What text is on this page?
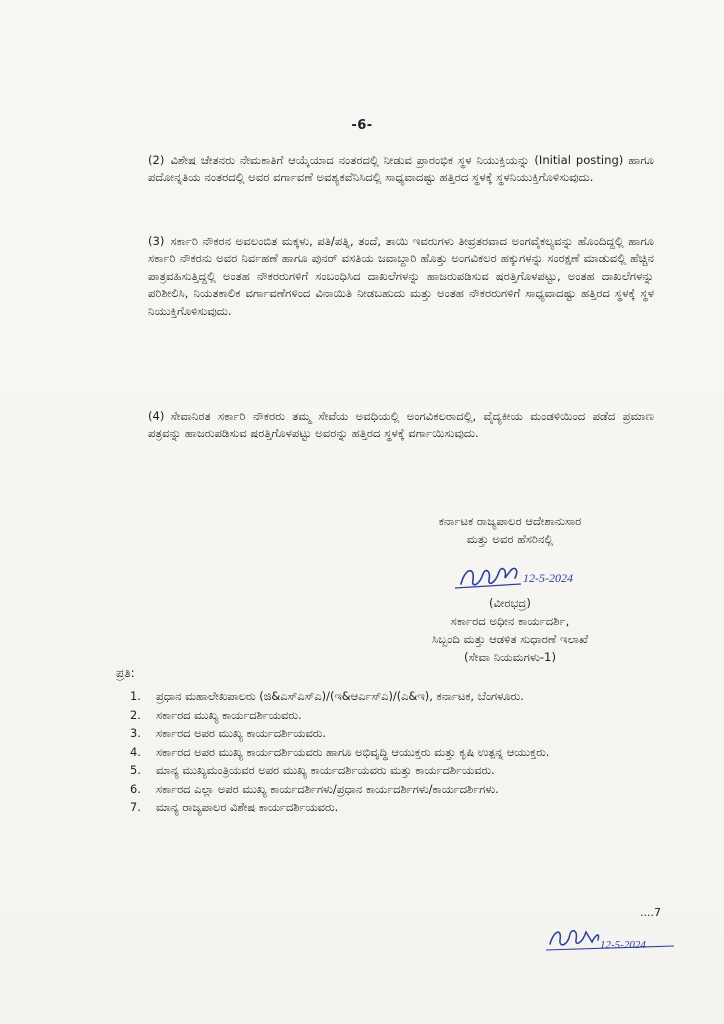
-6-
(2) ವಿಶೇಷ ಚೇತನರು ನೇಮಕಾತಿಗೆ ಆಯ್ಕೆಯಾದ ನಂತರದಲ್ಲಿ ನೀಡುವ ಪ್ರಾರಂಭಿಕ ಸ್ಥಳ ನಿಯುಕ್ತಿಯನ್ನು (Initial posting) ಹಾಗೂ ಪದೋನ್ನತಿಯ ನಂತರದಲ್ಲಿ ಅವರ ವರ್ಗಾವಣೆ ಅವಶ್ಯಕವೆನಿಸಿದಲ್ಲಿ ಸಾಧ್ಯವಾದಷ್ಟು ಹತ್ತಿರದ ಸ್ಥಳಕ್ಕೆ ಸ್ಥಳನಿಯುಕ್ತಿಗೊಳಿಸುವುದು.
(3) ಸರ್ಕಾರಿ ನೌಕರನ ಅವಲಂಬಿತ ಮಕ್ಕಳು, ಪತಿ/ಪತ್ನಿ, ತಂದೆ, ತಾಯಿ ಇವರುಗಳು ತೀವ್ರತರವಾದ ಅಂಗವೈಕಲ್ಯವನ್ನು ಹೊಂದಿದ್ದಲ್ಲಿ ಹಾಗೂ ಸರ್ಕಾರಿ ನೌಕರನು ಅವರ ನಿರ್ವಹಣೆ ಹಾಗೂ ಪುನರ್ ವಸತಿಯ ಜವಾಬ್ದಾರಿ ಹೊತ್ತು ಅಂಗವಿಕಲರ ಹಕ್ಕುಗಳನ್ನು ಸಂರಕ್ಷಣೆ ಮಾಡುವಲ್ಲಿ ಹೆಚ್ಚಿನ ಪಾತ್ರವಹಿಸುತ್ತಿದ್ದಲ್ಲಿ ಅಂತಹ ನೌಕರರುಗಳಿಗೆ ಸಂಬಂಧಿಸಿದ ದಾಖಲೆಗಳನ್ನು ಹಾಜರುಪಡಿಸುವ ಷರತ್ತಿಗೊಳಪಟ್ಟು, ಅಂತಹ ದಾಖಲೆಗಳನ್ನು ಪರಿಶೀಲಿಸಿ, ನಿಯತಕಾಲಿಕ ವರ್ಗಾವಣೆಗಳಿಂದ ವಿನಾಯಿತಿ ನೀಡಬಹುದು ಮತ್ತು ಅಂತಹ ನೌಕರರುಗಳಿಗೆ ಸಾಧ್ಯವಾದಷ್ಟು ಹತ್ತಿರದ ಸ್ಥಳಕ್ಕೆ ಸ್ಥಳ ನಿಯುಕ್ತಿಗೊಳಿಸುವುದು.
(4) ಸೇವಾನಿರತ ಸರ್ಕಾರಿ ನೌಕರರು ತಮ್ಮ ಸೇವೆಯ ಅವಧಿಯಲ್ಲಿ ಅಂಗವಿಕಲರಾದಲ್ಲಿ, ವೈದ್ಯಕೀಯ ಮಂಡಳಿಯಿಂದ ಪಡೆದ ಪ್ರಮಾಣ ಪತ್ರವನ್ನು ಹಾಜರುಪಡಿಸುವ ಷರತ್ತಿಗೊಳಪಟ್ಟು ಅವರನ್ನು ಹತ್ತಿರದ ಸ್ಥಳಕ್ಕೆ ವರ್ಗಾಯಿಸುವುದು.
ಕರ್ನಾಟಕ ರಾಜ್ಯಪಾಲರ ಆದೇಶಾನುಸಾರ
ಮತ್ತು ಅವರ ಹೆಸರಿನಲ್ಲಿ
12-5-2024
(ವೀರಭದ್ರ)
ಸರ್ಕಾರದ ಅಧೀನ ಕಾರ್ಯದರ್ಶಿ,
ಸಿಬ್ಬಂದಿ ಮತ್ತು ಆಡಳಿತ ಸುಧಾರಣೆ ಇಲಾಖೆ
(ಸೇವಾ ನಿಯಮಗಳು-1)
ಪ್ರತಿ:
1.	ಪ್ರಧಾನ ಮಹಾಲೇಖಪಾಲರು (ಜಿ&ಎಸ್ಎಸ್ಎ)/(ಇ&ಆರ್ಎಸ್ಎ)/(ಎ&ಇ), ಕರ್ನಾಟಕ, ಬೆಂಗಳೂರು.
2.	ಸರ್ಕಾರದ ಮುಖ್ಯ ಕಾರ್ಯದರ್ಶಿಯವರು.
3.	ಸರ್ಕಾರದ ಅಪರ ಮುಖ್ಯ ಕಾರ್ಯದರ್ಶಿಯವರು.
4.	ಸರ್ಕಾರದ ಅಪರ ಮುಖ್ಯ ಕಾರ್ಯದರ್ಶಿಯವರು ಹಾಗೂ ಅಭಿವೃದ್ಧಿ ಆಯುಕ್ತರು ಮತ್ತು ಕೃಷಿ ಉತ್ಪನ್ನ ಆಯುಕ್ತರು.
5.	ಮಾನ್ಯ ಮುಖ್ಯಮಂತ್ರಿಯವರ ಅಪರ ಮುಖ್ಯ ಕಾರ್ಯದರ್ಶಿಯವರು ಮತ್ತು ಕಾರ್ಯದರ್ಶಿಯವರು.
6.	ಸರ್ಕಾರದ ಎಲ್ಲಾ ಅಪರ ಮುಖ್ಯ ಕಾರ್ಯದರ್ಶಿಗಳು/ಪ್ರಧಾನ ಕಾರ್ಯದರ್ಶಿಗಳು/ಕಾರ್ಯದರ್ಶಿಗಳು.
7.	ಮಾನ್ಯ ರಾಜ್ಯಪಾಲರ ವಿಶೇಷ ಕಾರ್ಯದರ್ಶಿಯವರು.
....7
12-5-2024
